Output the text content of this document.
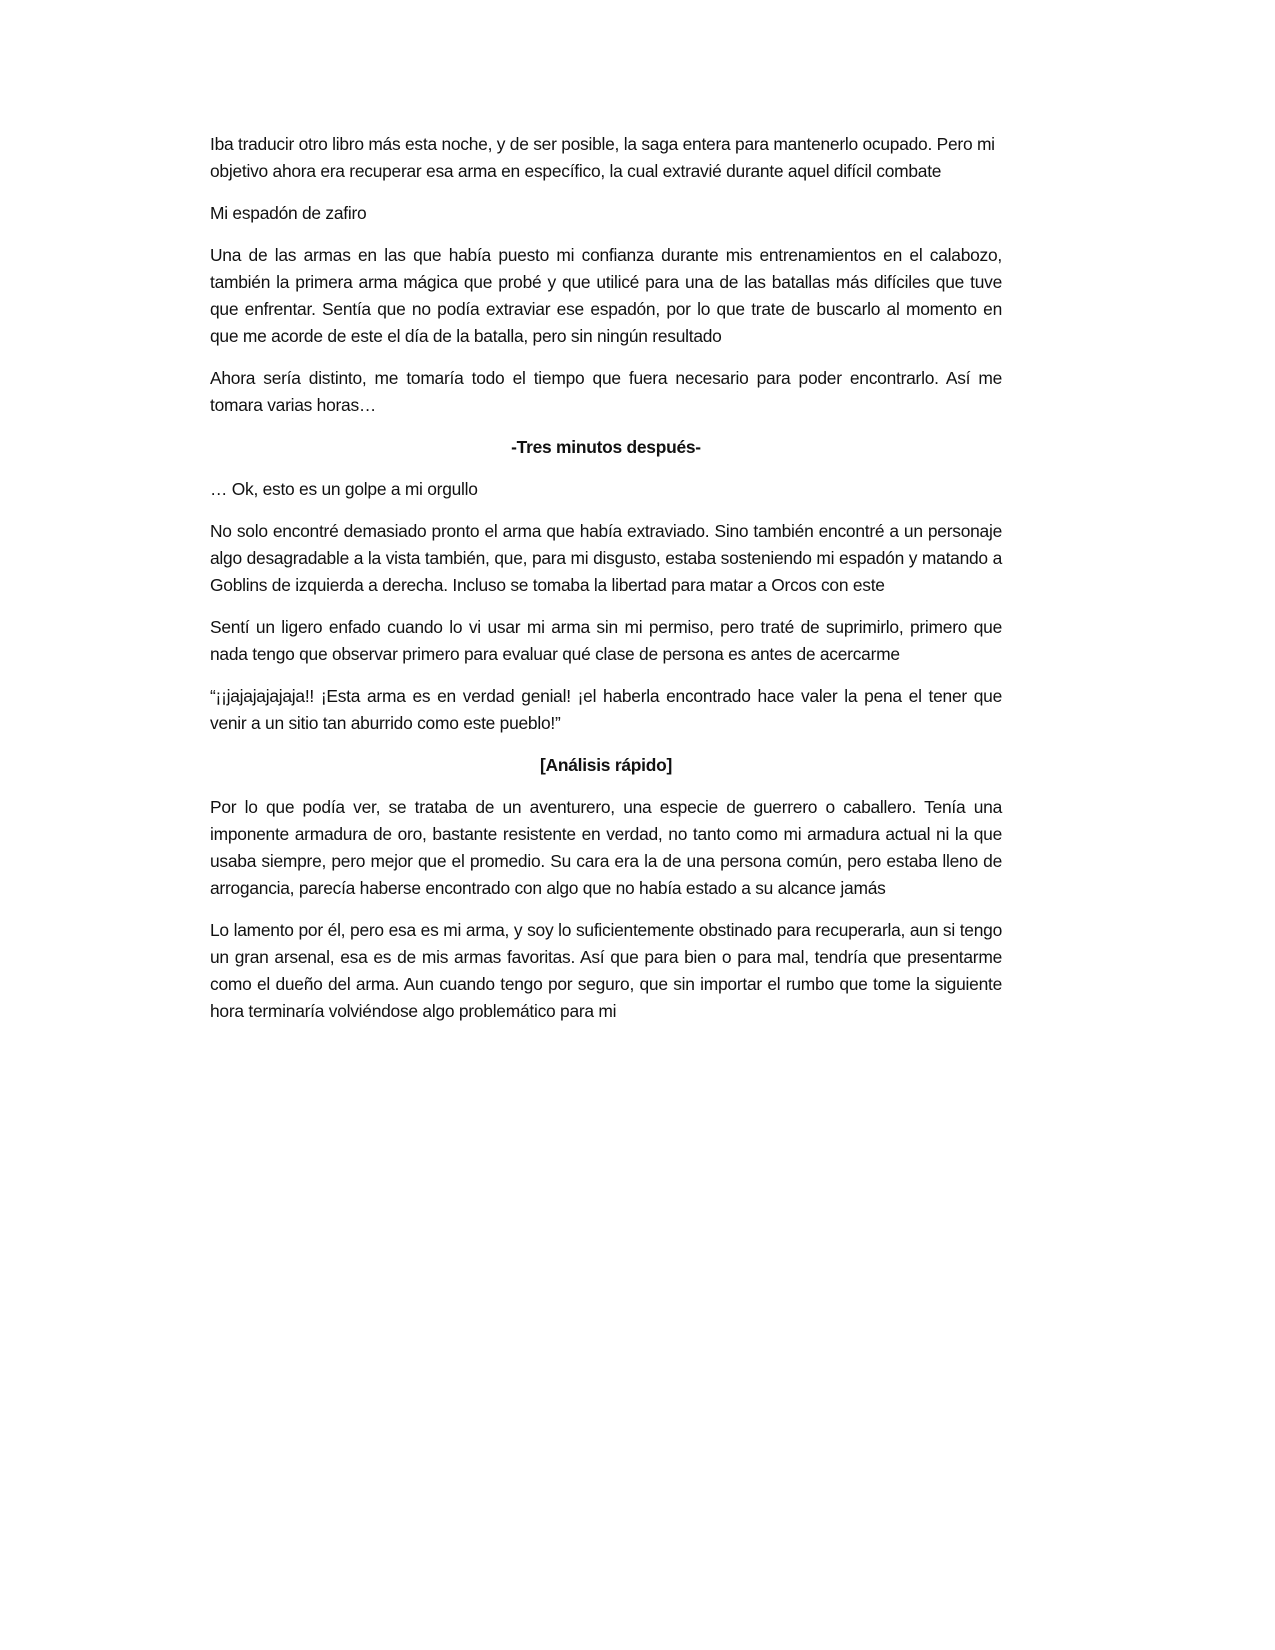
Iba traducir otro libro más esta noche, y de ser posible, la saga entera para mantenerlo ocupado. Pero mi objetivo ahora era recuperar esa arma en específico, la cual extravié durante aquel difícil combate

Mi espadón de zafiro

Una de las armas en las que había puesto mi confianza durante mis entrenamientos en el calabozo, también la primera arma mágica que probé y que utilicé para una de las batallas más difíciles que tuve que enfrentar. Sentía que no podía extraviar ese espadón, por lo que trate de buscarlo al momento en que me acorde de este el día de la batalla, pero sin ningún resultado

Ahora sería distinto, me tomaría todo el tiempo que fuera necesario para poder encontrarlo. Así me tomara varias horas…

-Tres minutos después-

… Ok, esto es un golpe a mi orgullo

No solo encontré demasiado pronto el arma que había extraviado. Sino también encontré a un personaje algo desagradable a la vista también, que, para mi disgusto, estaba sosteniendo mi espadón y matando a Goblins de izquierda a derecha. Incluso se tomaba la libertad para matar a Orcos con este

Sentí un ligero enfado cuando lo vi usar mi arma sin mi permiso, pero traté de suprimirlo, primero que nada tengo que observar primero para evaluar qué clase de persona es antes de acercarme

“¡¡jajajajajaja!! ¡Esta arma es en verdad genial! ¡el haberla encontrado hace valer la pena el tener que venir a un sitio tan aburrido como este pueblo!”

[Análisis rápido]

Por lo que podía ver, se trataba de un aventurero, una especie de guerrero o caballero. Tenía una imponente armadura de oro, bastante resistente en verdad, no tanto como mi armadura actual ni la que usaba siempre, pero mejor que el promedio. Su cara era la de una persona común, pero estaba lleno de arrogancia, parecía haberse encontrado con algo que no había estado a su alcance jamás

Lo lamento por él, pero esa es mi arma, y soy lo suficientemente obstinado para recuperarla, aun si tengo un gran arsenal, esa es de mis armas favoritas. Así que para bien o para mal, tendría que presentarme como el dueño del arma. Aun cuando tengo por seguro, que sin importar el rumbo que tome la siguiente hora terminaría volviéndose algo problemático para mi
